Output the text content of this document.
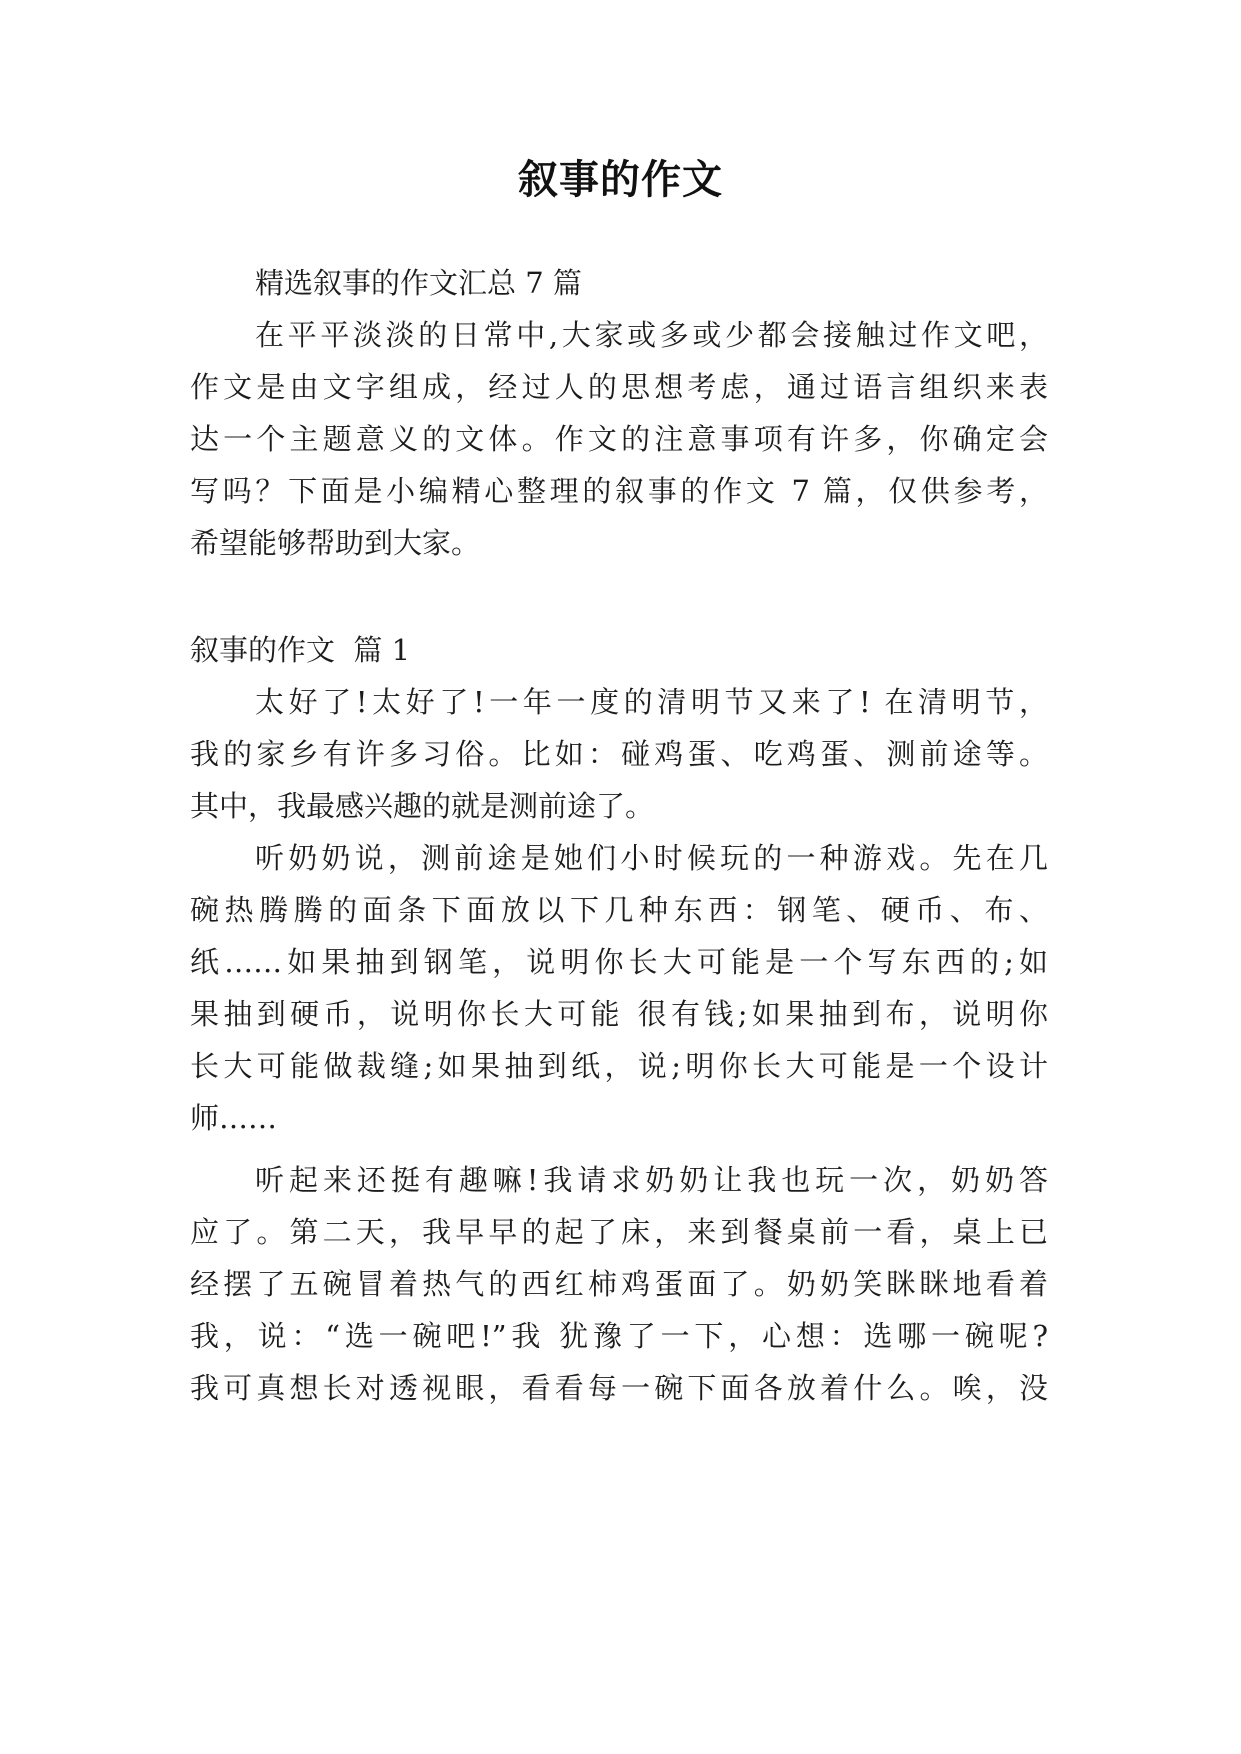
叙事的作文
精选叙事的作文汇总 7 篇
在平平淡淡的日常中,大家或多或少都会接触过作文吧，
作文是由文字组成，经过人的思想考虑，通过语言组织来表
达一个主题意义的文体。作文的注意事项有许多，你确定会
写吗？下面是小编精心整理的叙事的作文 7 篇，仅供参考，
希望能够帮助到大家。
叙事的作文  篇 1
太好了!太好了!一年一度的清明节又来了! 在清明节，
我的家乡有许多习俗。比如：碰鸡蛋、吃鸡蛋、测前途等。
其中，我最感兴趣的就是测前途了。
听奶奶说，测前途是她们小时候玩的一种游戏。先在几
碗热腾腾的面条下面放以下几种东西：钢笔、硬币、布、
纸……如果抽到钢笔，说明你长大可能是一个写东西的;如
果抽到硬币，说明你长大可能 很有钱;如果抽到布，说明你
长大可能做裁缝;如果抽到纸，说;明你长大可能是一个设计
师……
听起来还挺有趣嘛!我请求奶奶让我也玩一次，奶奶答
应了。第二天，我早早的起了床，来到餐桌前一看，桌上已
经摆了五碗冒着热气的西红柿鸡蛋面了。奶奶笑眯眯地看着
我，说：“选一碗吧!”我 犹豫了一下，心想：选哪一碗呢?
我可真想长对透视眼，看看每一碗下面各放着什么。唉，没
